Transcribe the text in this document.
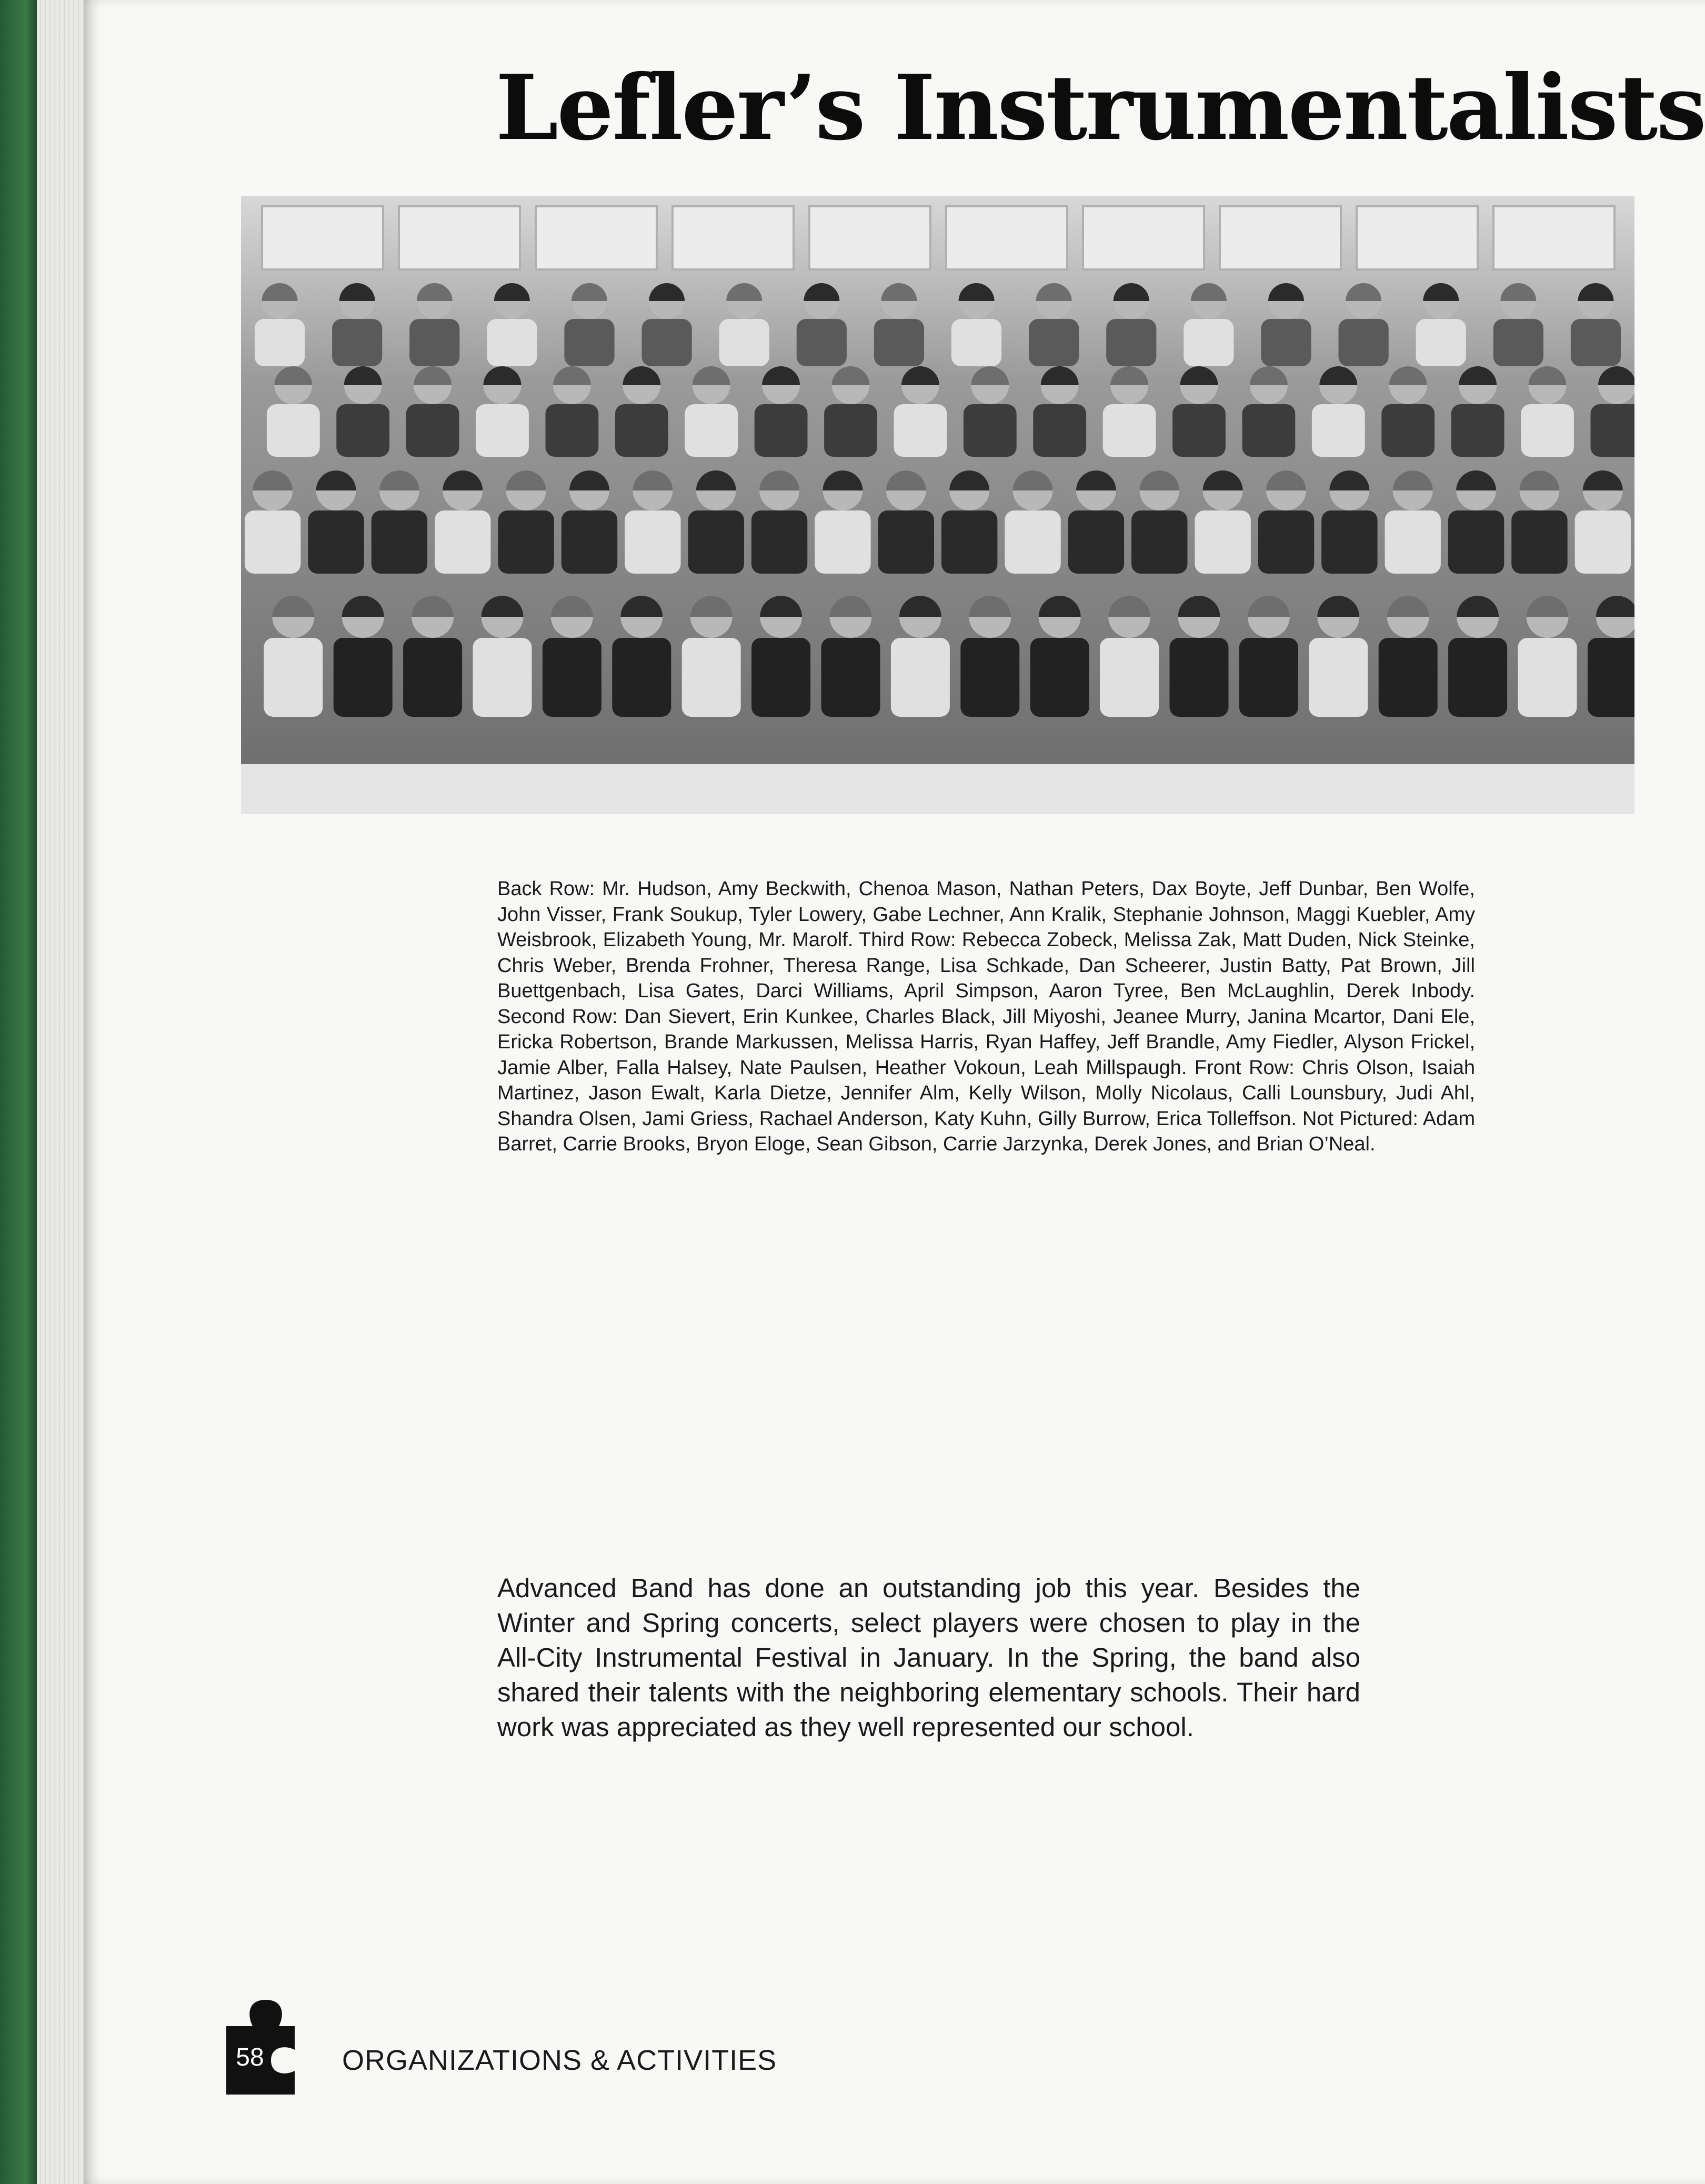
Lefler’s Instrumentalists

Back Row: Mr. Hudson, Amy Beckwith, Chenoa Mason, Nathan Peters, Dax Boyte, Jeff Dunbar, Ben Wolfe, John Visser, Frank Soukup, Tyler Lowery, Gabe Lechner, Ann Kralik, Stephanie Johnson, Maggi Kuebler, Amy Weisbrook, Elizabeth Young, Mr. Marolf. Third Row: Rebecca Zobeck, Melissa Zak, Matt Duden, Nick Steinke, Chris Weber, Brenda Frohner, Theresa Range, Lisa Schkade, Dan Scheerer, Justin Batty, Pat Brown, Jill Buettgenbach, Lisa Gates, Darci Williams, April Simpson, Aaron Tyree, Ben McLaughlin, Derek Inbody. Second Row: Dan Sievert, Erin Kunkee, Charles Black, Jill Miyoshi, Jeanee Murry, Janina Mcartor, Dani Ele, Ericka Robertson, Brande Markussen, Melissa Harris, Ryan Haffey, Jeff Brandle, Amy Fiedler, Alyson Frickel, Jamie Alber, Falla Halsey, Nate Paulsen, Heather Vokoun, Leah Millspaugh. Front Row: Chris Olson, Isaiah Martinez, Jason Ewalt, Karla Dietze, Jennifer Alm, Kelly Wilson, Molly Nicolaus, Calli Lounsbury, Judi Ahl, Shandra Olsen, Jami Griess, Rachael Anderson, Katy Kuhn, Gilly Burrow, Erica Tolleffson. Not Pictured: Adam Barret, Carrie Brooks, Bryon Eloge, Sean Gibson, Carrie Jarzynka, Derek Jones, and Brian O’Neal.

Advanced Band has done an outstanding job this year. Besides the Winter and Spring concerts, select players were chosen to play in the All-City Instrumental Festival in January. In the Spring, the band also shared their talents with the neighboring elementary schools. Their hard work was appreciated as they well represented our school.

58	ORGANIZATIONS & ACTIVITIES
